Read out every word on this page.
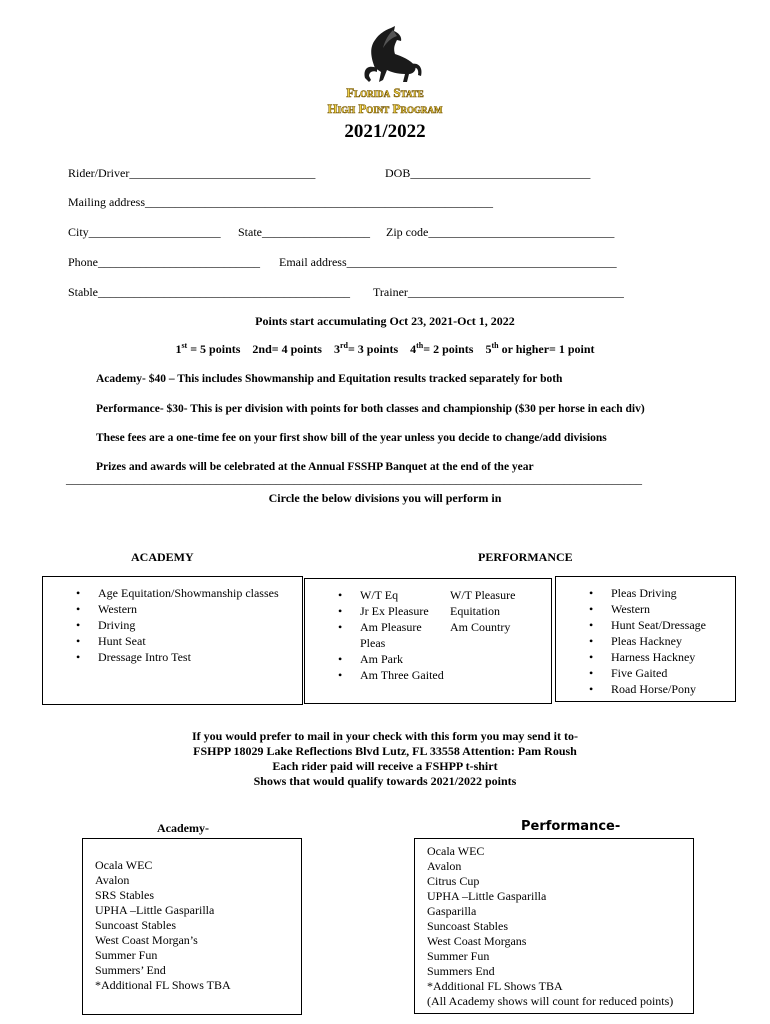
Florida State
High Point Program
2021/2022
Rider/Driver_______________________________	DOB______________________________
Mailing address__________________________________________________________
City______________________ State__________________ Zip code_______________________________
Phone___________________________ Email address_____________________________________________
Stable__________________________________________ Trainer____________________________________
Points start accumulating Oct 23, 2021-Oct 1, 2022
1st = 5 points 2nd= 4 points 3rd= 3 points 4th= 2 points 5th or higher= 1 point
Academy- $40 – This includes Showmanship and Equitation results tracked separately for both
Performance- $30- This is per division with points for both classes and championship ($30 per horse in each div)
These fees are a one-time fee on your first show bill of the year unless you decide to change/add divisions
Prizes and awards will be celebrated at the Annual FSSHP Banquet at the end of the year
________________________________________________________________________________________________
Circle the below divisions you will perform in
ACADEMY	PERFORMANCE
• Age Equitation/Showmanship classes
• Western
• Driving
• Hunt Seat
• Dressage Intro Test
• W/T Eq
• Jr Ex Pleasure
• Am Pleasure
Pleas
• Am Park
• Am Three Gaited
W/T Pleasure
Equitation
Am Country
• Pleas Driving
• Western
• Hunt Seat/Dressage
• Pleas Hackney
• Harness Hackney
• Five Gaited
• Road Horse/Pony
If you would prefer to mail in your check with this form you may send it to-
FSHPP 18029 Lake Reflections Blvd Lutz, FL 33558 Attention: Pam Roush
Each rider paid will receive a FSHPP t-shirt
Shows that would qualify towards 2021/2022 points
Academy-	Performance-
Ocala WEC
Avalon
SRS Stables
UPHA –Little Gasparilla
Suncoast Stables
West Coast Morgan’s
Summer Fun
Summers’ End
*Additional FL Shows TBA
Ocala WEC
Avalon
Citrus Cup
UPHA –Little Gasparilla
Gasparilla
Suncoast Stables
West Coast Morgans
Summer Fun
Summers End
*Additional FL Shows TBA
(All Academy shows will count for reduced points)
